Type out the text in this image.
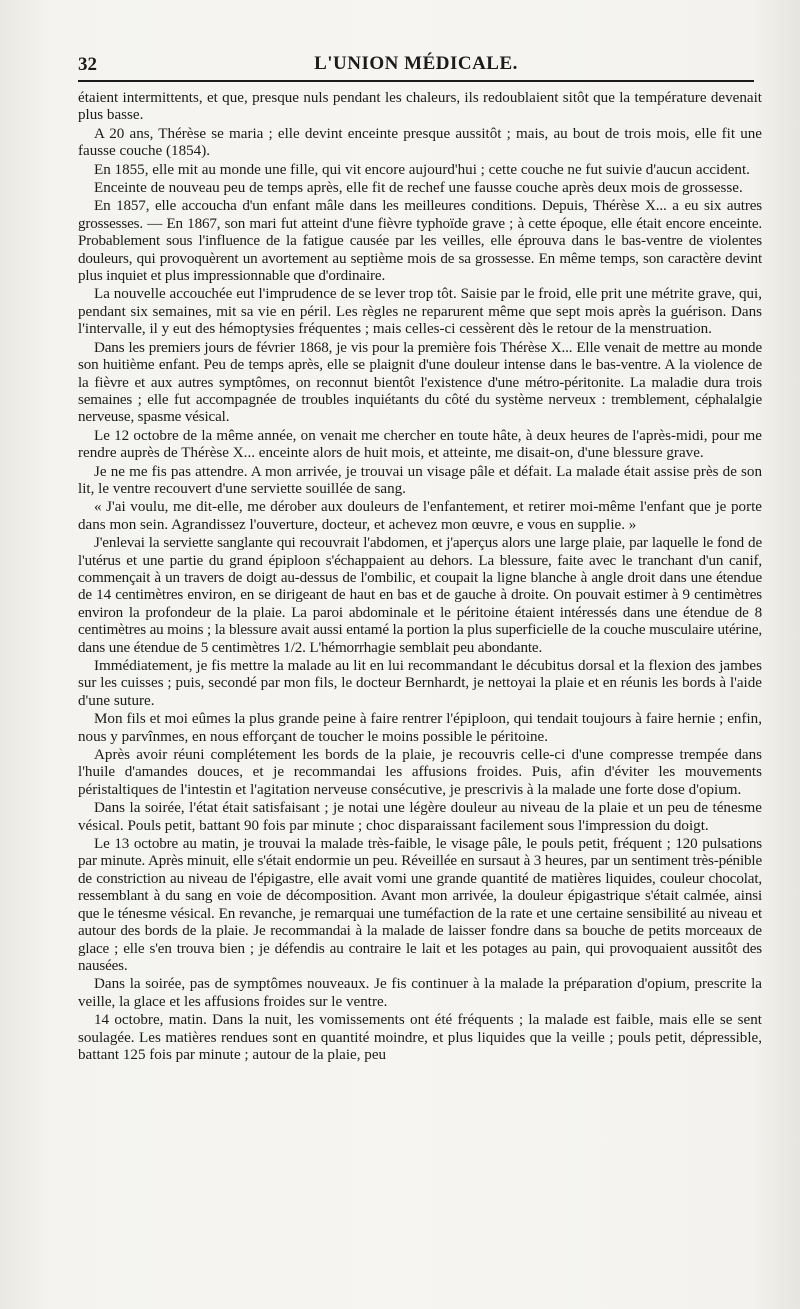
32	L'UNION MÉDICALE.

étaient intermittents, et que, presque nuls pendant les chaleurs, ils redoublaient sitôt que la température devenait plus basse.

A 20 ans, Thérèse se maria ; elle devint enceinte presque aussitôt ; mais, au bout de trois mois, elle fit une fausse couche (1854).

En 1855, elle mit au monde une fille, qui vit encore aujourd'hui ; cette couche ne fut suivie d'aucun accident.

Enceinte de nouveau peu de temps après, elle fit de rechef une fausse couche après deux mois de grossesse.

En 1857, elle accoucha d'un enfant mâle dans les meilleures conditions. Depuis, Thérèse X... a eu six autres grossesses. — En 1867, son mari fut atteint d'une fièvre typhoïde grave ; à cette époque, elle était encore enceinte. Probablement sous l'influence de la fatigue causée par les veilles, elle éprouva dans le bas-ventre de violentes douleurs, qui provoquèrent un avortement au septième mois de sa grossesse. En même temps, son caractère devint plus inquiet et plus impressionnable que d'ordinaire.

La nouvelle accouchée eut l'imprudence de se lever trop tôt. Saisie par le froid, elle prit une métrite grave, qui, pendant six semaines, mit sa vie en péril. Les règles ne reparurent même que sept mois après la guérison. Dans l'intervalle, il y eut des hémoptysies fréquentes ; mais celles-ci cessèrent dès le retour de la menstruation.

Dans les premiers jours de février 1868, je vis pour la première fois Thérèse X... Elle venait de mettre au monde son huitième enfant. Peu de temps après, elle se plaignit d'une douleur intense dans le bas-ventre. A la violence de la fièvre et aux autres symptômes, on reconnut bientôt l'existence d'une métro-péritonite. La maladie dura trois semaines ; elle fut accompagnée de troubles inquiétants du côté du système nerveux : tremblement, céphalalgie nerveuse, spasme vésical.

Le 12 octobre de la même année, on venait me chercher en toute hâte, à deux heures de l'après-midi, pour me rendre auprès de Thérèse X... enceinte alors de huit mois, et atteinte, me disait-on, d'une blessure grave.

Je ne me fis pas attendre. A mon arrivée, je trouvai un visage pâle et défait. La malade était assise près de son lit, le ventre recouvert d'une serviette souillée de sang.

« J'ai voulu, me dit-elle, me dérober aux douleurs de l'enfantement, et retirer moi-même l'enfant que je porte dans mon sein. Agrandissez l'ouverture, docteur, et achevez mon œuvre, e vous en supplie. »

J'enlevai la serviette sanglante qui recouvrait l'abdomen, et j'aperçus alors une large plaie, par laquelle le fond de l'utérus et une partie du grand épiploon s'échappaient au dehors. La blessure, faite avec le tranchant d'un canif, commençait à un travers de doigt au-dessus de l'ombilic, et coupait la ligne blanche à angle droit dans une étendue de 14 centimètres environ, en se dirigeant de haut en bas et de gauche à droite. On pouvait estimer à 9 centimètres environ la profondeur de la plaie. La paroi abdominale et le péritoine étaient intéressés dans une étendue de 8 centimètres au moins ; la blessure avait aussi entamé la portion la plus superficielle de la couche musculaire utérine, dans une étendue de 5 centimètres 1/2. L'hémorrhagie semblait peu abondante.

Immédiatement, je fis mettre la malade au lit en lui recommandant le décubitus dorsal et la flexion des jambes sur les cuisses ; puis, secondé par mon fils, le docteur Bernhardt, je nettoyai la plaie et en réunis les bords à l'aide d'une suture.

Mon fils et moi eûmes la plus grande peine à faire rentrer l'épiploon, qui tendait toujours à faire hernie ; enfin, nous y parvînmes, en nous efforçant de toucher le moins possible le péritoine.

Après avoir réuni complétement les bords de la plaie, je recouvris celle-ci d'une compresse trempée dans l'huile d'amandes douces, et je recommandai les affusions froides. Puis, afin d'éviter les mouvements péristaltiques de l'intestin et l'agitation nerveuse consécutive, je prescrivis à la malade une forte dose d'opium.

Dans la soirée, l'état était satisfaisant ; je notai une légère douleur au niveau de la plaie et un peu de ténesme vésical. Pouls petit, battant 90 fois par minute ; choc disparaissant facilement sous l'impression du doigt.

Le 13 octobre au matin, je trouvai la malade très-faible, le visage pâle, le pouls petit, fréquent ; 120 pulsations par minute. Après minuit, elle s'était endormie un peu. Réveillée en sursaut à 3 heures, par un sentiment très-pénible de constriction au niveau de l'épigastre, elle avait vomi une grande quantité de matières liquides, couleur chocolat, ressemblant à du sang en voie de décomposition. Avant mon arrivée, la douleur épigastrique s'était calmée, ainsi que le ténesme vésical. En revanche, je remarquai une tuméfaction de la rate et une certaine sensibilité au niveau et autour des bords de la plaie. Je recommandai à la malade de laisser fondre dans sa bouche de petits morceaux de glace ; elle s'en trouva bien ; je défendis au contraire le lait et les potages au pain, qui provoquaient aussitôt des nausées.

Dans la soirée, pas de symptômes nouveaux. Je fis continuer à la malade la préparation d'opium, prescrite la veille, la glace et les affusions froides sur le ventre.

14 octobre, matin. Dans la nuit, les vomissements ont été fréquents ; la malade est faible, mais elle se sent soulagée. Les matières rendues sont en quantité moindre, et plus liquides que la veille ; pouls petit, dépressible, battant 125 fois par minute ; autour de la plaie, peu
